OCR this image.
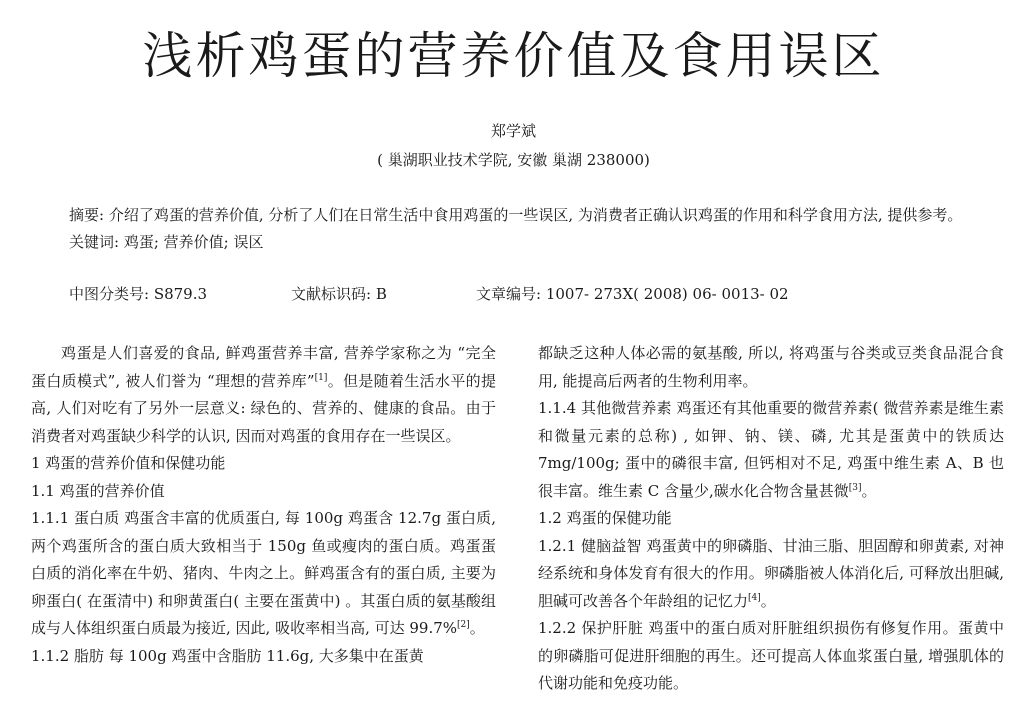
浅析鸡蛋的营养价值及食用误区
郑学斌
( 巢湖职业技术学院, 安徽 巢湖 238000)
摘要: 介绍了鸡蛋的营养价值, 分析了人们在日常生活中食用鸡蛋的一些误区, 为消费者正确认识鸡蛋的作用和科学食用方法, 提供参考。
关键词: 鸡蛋; 营养价值; 误区
中图分类号: S879.3	文献标识码: B	文章编号: 1007- 273X( 2008) 06- 0013- 02

鸡蛋是人们喜爱的食品, 鲜鸡蛋营养丰富, 营养学家称之为 “完全蛋白质模式”, 被人们誉为 “理想的营养库”[1]。但是随着生活水平的提高, 人们对吃有了另外一层意义: 绿色的、营养的、健康的食品。由于消费者对鸡蛋缺少科学的认识, 因而对鸡蛋的食用存在一些误区。

1 鸡蛋的营养价值和保健功能

1.1 鸡蛋的营养价值

1.1.1 蛋白质 鸡蛋含丰富的优质蛋白, 每 100g 鸡蛋含 12.7g 蛋白质, 两个鸡蛋所含的蛋白质大致相当于 150g 鱼或瘦肉的蛋白质。鸡蛋蛋白质的消化率在牛奶、猪肉、牛肉之上。鲜鸡蛋含有的蛋白质, 主要为卵蛋白( 在蛋清中) 和卵黄蛋白( 主要在蛋黄中) 。其蛋白质的氨基酸组成与人体组织蛋白质最为接近, 因此, 吸收率相当高, 可达 99.7%[2]。

1.1.2 脂肪 每 100g 鸡蛋中含脂肪 11.6g, 大多集中在蛋黄

都缺乏这种人体必需的氨基酸, 所以, 将鸡蛋与谷类或豆类食品混合食用, 能提高后两者的生物利用率。

1.1.4 其他微营养素 鸡蛋还有其他重要的微营养素( 微营养素是维生素和微量元素的总称) , 如钾、钠、镁、磷, 尤其是蛋黄中的铁质达 7mg/100g; 蛋中的磷很丰富, 但钙相对不足, 鸡蛋中维生素 A、B 也很丰富。维生素 C 含量少,碳水化合物含量甚微[3]。

1.2 鸡蛋的保健功能

1.2.1 健脑益智 鸡蛋黄中的卵磷脂、甘油三脂、胆固醇和卵黄素, 对神经系统和身体发育有很大的作用。卵磷脂被人体消化后, 可释放出胆碱, 胆碱可改善各个年龄组的记忆力[4]。

1.2.2 保护肝脏 鸡蛋中的蛋白质对肝脏组织损伤有修复作用。蛋黄中的卵磷脂可促进肝细胞的再生。还可提高人体血浆蛋白量, 增强肌体的代谢功能和免疫功能。
